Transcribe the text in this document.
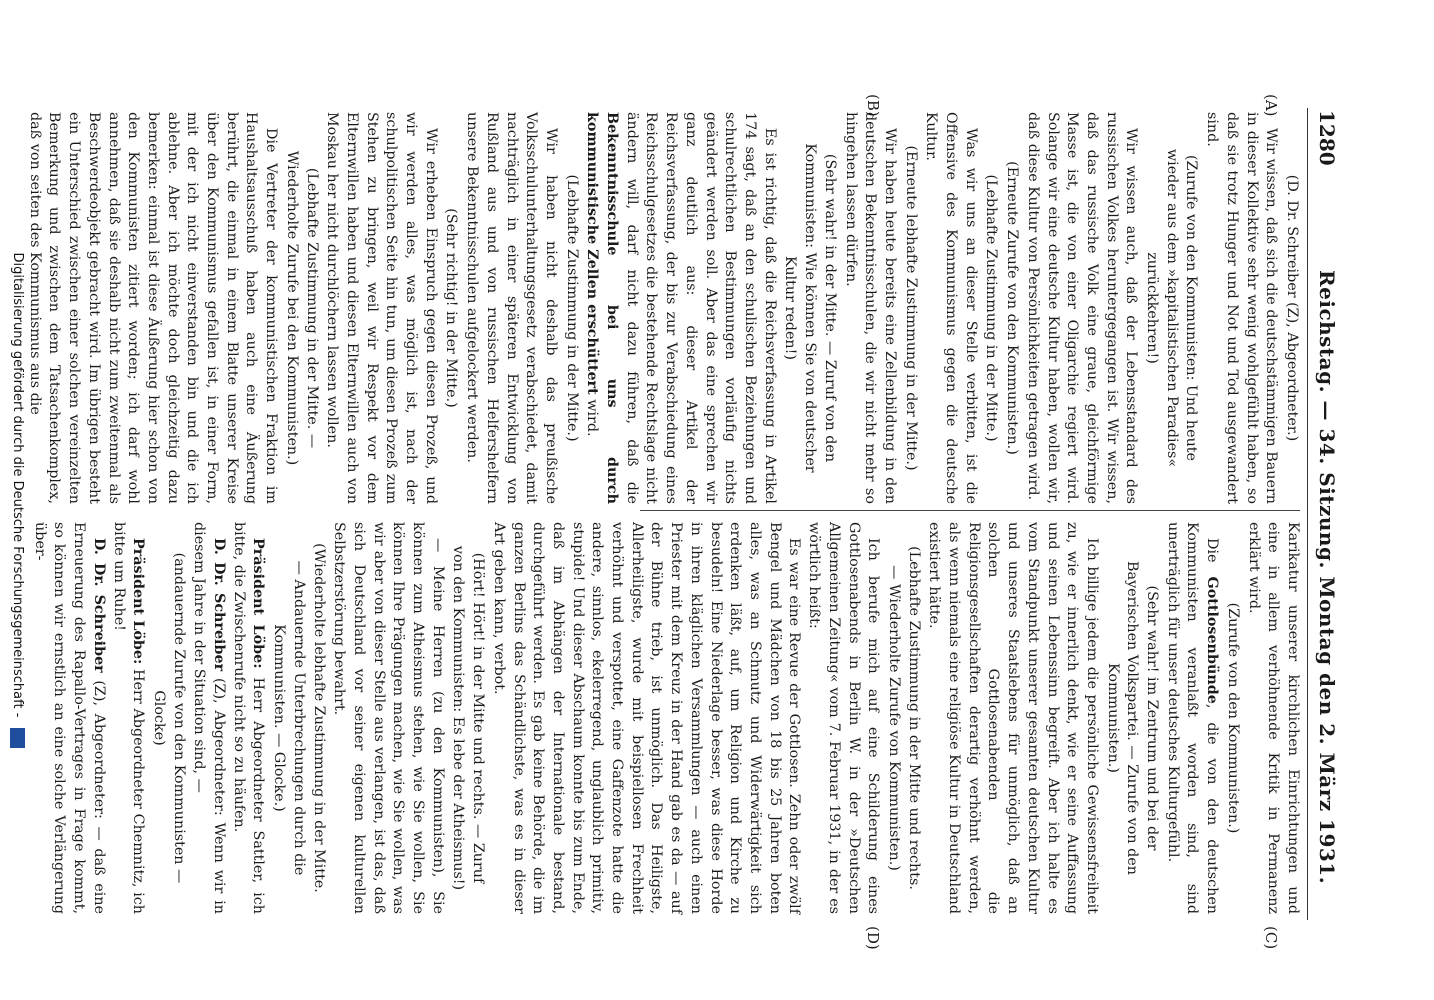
1280
Reichstag. — 34. Sitzung. Montag den 2. März 1931.
(A)
(B)
(C)
(D)

(D. Dr. Schreiber (Z), Abgeordneter.)

Wir wissen, daß sich die deutschstämmigen Bauern in dieser Kollektive sehr wenig wohlgefühlt haben, so daß sie trotz Hunger und Not und Tod ausgewandert sind.

(Zurufe von den Kommunisten: Und heute wieder aus dem »kapitalistischen Paradies« zurückkehren!)

Wir wissen auch, daß der Lebensstandard des russischen Volkes heruntergegangen ist. Wir wissen, daß das russische Volk eine graue, gleichförmige Masse ist, die von einer Oligarchie regiert wird. Solange wir eine deutsche Kultur haben, wollen wir, daß diese Kultur von Persönlichkeiten getragen wird.

(Erneute Zurufe von den Kommunisten.)

(Lebhafte Zustimmung in der Mitte.)

Was wir uns an dieser Stelle verbitten, ist die Offensive des Kommunismus gegen die deutsche Kultur.

(Erneute lebhafte Zustimmung in der Mitte.)

Wir haben heute bereits eine Zellenbildung in den deutschen Bekenntnisschulen, die wir nicht mehr so hingehen lassen dürfen.

(Sehr wahr! in der Mitte. — Zuruf von den Kommunisten: Wie können Sie von deutscher Kultur reden!)

Es ist richtig, daß die Reichsverfassung in Artikel 174 sagt, daß an den schulischen Beziehungen und schulrechtlichen Bestimmungen vorläufig nichts geändert werden soll. Aber das eine sprechen wir ganz deutlich aus: dieser Artikel der Reichsverfassung, der bis zur Verabschiedung eines Reichsschulgesetzes die bestehende Rechtslage nicht ändern will, darf nicht dazu führen, daß die Bekenntnisschule bei uns durch kommunistische Zellen erschüttert wird.

(Lebhafte Zustimmung in der Mitte.)

Wir haben nicht deshalb das preußische Volksschulunterhaltungsgesetz verabschiedet, damit nachträglich in einer späteren Entwicklung von Rußland aus und von russischen Helfershelfern unsere Bekenntnisschulen aufgelockert werden.

(Sehr richtig! in der Mitte.)

Wir erheben Einspruch gegen diesen Prozeß, und wir werden alles, was möglich ist, nach der schulpolitischen Seite hin tun, um diesen Prozeß zum Stehen zu bringen, weil wir Respekt vor dem Elternwillen haben und diesen Elternwillen auch von Moskau her nicht durchlöchern lassen wollen.

(Lebhafte Zustimmung in der Mitte. — Wiederholte Zurufe bei den Kommunisten.)

Die Vertreter der kommunistischen Fraktion im Haushaltsausschuß haben auch eine Äußerung berührt, die einmal in einem Blatte unserer Kreise über den Kommunismus gefallen ist, in einer Form, mit der ich nicht einverstanden bin und die ich ablehne. Aber ich möchte doch gleichzeitig dazu bemerken: einmal ist diese Äußerung hier schon von den Kommunisten zitiert worden; ich darf wohl annehmen, daß sie deshalb nicht zum zweitenmal als Beschwerdeobjekt gebracht wird. Im übrigen besteht ein Unterschied zwischen einer solchen vereinzelten Bemerkung und zwischen dem Tatsachenkomplex, daß von seiten des Kommunismus aus die

Karikatur unserer kirchlichen Einrichtungen und eine in allem verhöhnende Kritik in Permanenz erklärt wird.

(Zurufe von den Kommunisten.)

Die Gottlosenbünde, die von den deutschen Kommunisten veranlaßt worden sind, sind unerträglich für unser deutsches Kulturgefühl.

(Sehr wahr! im Zentrum und bei der Bayerischen Volkspartei. — Zurufe von den Kommunisten.)

Ich billige jedem die persönliche Gewissensfreiheit zu, wie er innerlich denkt, wie er seine Auffassung und seinen Lebenssinn begreift. Aber ich halte es vom Standpunkt unserer gesamten deutschen Kultur und unseres Staatslebens für unmöglich, daß an solchen Gottlosenabenden die Religionsgesellschaften derartig verhöhnt werden, als wenn niemals eine religiöse Kultur in Deutschland existiert hätte.

(Lebhafte Zustimmung in der Mitte und rechts. — Wiederholte Zurufe von Kommunisten.)

Ich berufe mich auf eine Schilderung eines Gottlosenabends in Berlin W. in der »Deutschen Allgemeinen Zeitung« vom 7. Februar 1931, in der es wörtlich heißt:

Es war eine Revue der Gottlosen. Zehn oder zwölf Bengel und Mädchen von 18 bis 25 Jahren boten alles, was an Schmutz und Widerwärtigkeit sich erdenken läßt, auf, um Religion und Kirche zu besudeln! Eine Niederlage besser, was diese Horde in ihren kläglichen Versammlungen — auch einen Priester mit dem Kreuz in der Hand gab es da — auf der Bühne trieb, ist unmöglich. Das Heiligste, Allerheiligste, wurde mit beispiellosen Frechheit verhöhnt und verspottet, eine Gaffenzote hatte die andere, sinnlos, ekelerregend, unglaublich primitiv, stupide! Und dieser Abschaum konnte bis zum Ende, daß im Abhängen der Internationale bestand, durchgeführt werden. Es gab keine Behörde, die im ganzen Berlins das Schändlichste, was es in dieser Art geben kann, verbot.

(Hört! Hört! in der Mitte und rechts. — Zuruf von den Kommunisten: Es lebe der Atheismus!)

— Meine Herren (zu den Kommunisten), Sie können zum Atheismus stehen, wie Sie wollen, Sie können Ihre Prägungen machen, wie Sie wollen, was wir aber von dieser Stelle aus verlangen, ist das, daß sich Deutschland vor seiner eigenen kulturellen Selbstzerstörung bewahrt.

(Wiederholte lebhafte Zustimmung in der Mitte. — Andauernde Unterbrechungen durch die Kommunisten. — Glocke.)

Präsident Löbe: Herr Abgeordneter Sattler, ich bitte, die Zwischenrufe nicht so zu häufen.

D. Dr. Schreiber (Z), Abgeordneter: Wenn wir in diesem Jahre in der Situation sind, —

(andauernde Zurufe von den Kommunisten — Glocke)

Präsident Löbe: Herr Abgeordneter Chemnitz, ich bitte um Ruhe!

D. Dr. Schreiber (Z), Abgeordneter: — daß eine Erneuerung des Rapallo-Vertrages in Frage kommt, so können wir ernstlich an eine solche Verlängerung über-

Digitalisierung gefördert durch die Deutsche Forschungsgemeinschaft -
